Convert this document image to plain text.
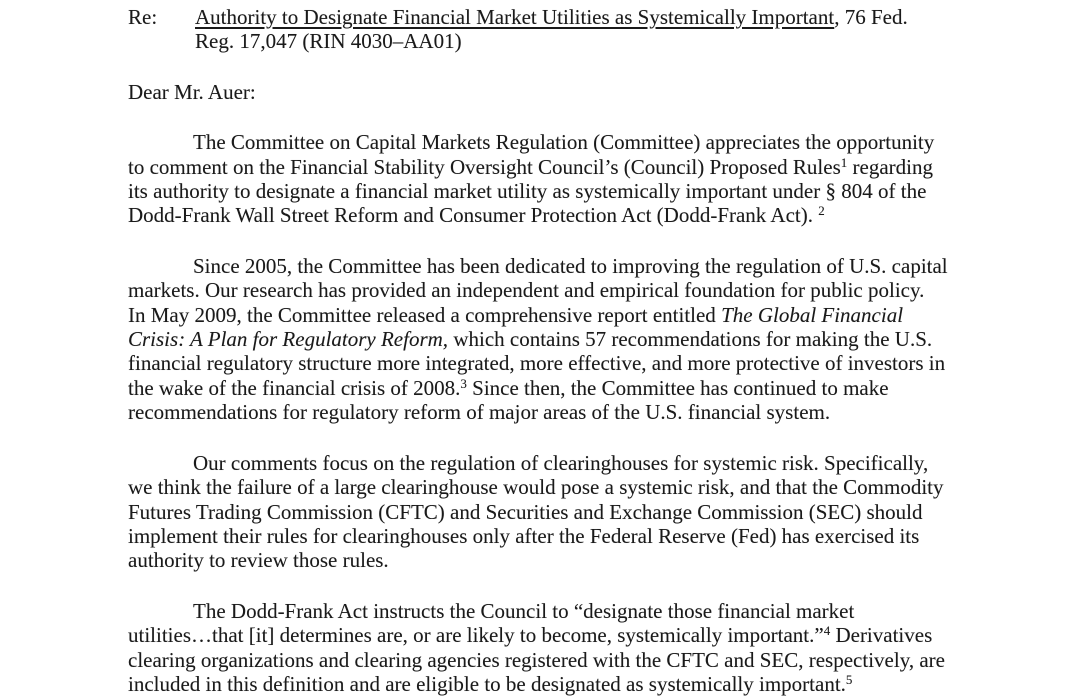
Re: Authority to Designate Financial Market Utilities as Systemically Important, 76 Fed.
Reg. 17,047 (RIN 4030–AA01)
Dear Mr. Auer:
The Committee on Capital Markets Regulation (Committee) appreciates the opportunity
to comment on the Financial Stability Oversight Council’s (Council) Proposed Rules$^1$ regarding
its authority to designate a financial market utility as systemically important under § 804 of the
Dodd-Frank Wall Street Reform and Consumer Protection Act (Dodd-Frank Act). $^2$
Since 2005, the Committee has been dedicated to improving the regulation of U.S. capital
markets. Our research has provided an independent and empirical foundation for public policy.
In May 2009, the Committee released a comprehensive report entitled The Global Financial
Crisis: A Plan for Regulatory Reform, which contains 57 recommendations for making the U.S.
financial regulatory structure more integrated, more effective, and more protective of investors in
the wake of the financial crisis of 2008.$^3$ Since then, the Committee has continued to make
recommendations for regulatory reform of major areas of the U.S. financial system.
Our comments focus on the regulation of clearinghouses for systemic risk. Specifically,
we think the failure of a large clearinghouse would pose a systemic risk, and that the Commodity
Futures Trading Commission (CFTC) and Securities and Exchange Commission (SEC) should
implement their rules for clearinghouses only after the Federal Reserve (Fed) has exercised its
authority to review those rules.
The Dodd-Frank Act instructs the Council to “designate those financial market
utilities…that [it] determines are, or are likely to become, systemically important.”$^4$ Derivatives
clearing organizations and clearing agencies registered with the CFTC and SEC, respectively, are
included in this definition and are eligible to be designated as systemically important.$^5$
